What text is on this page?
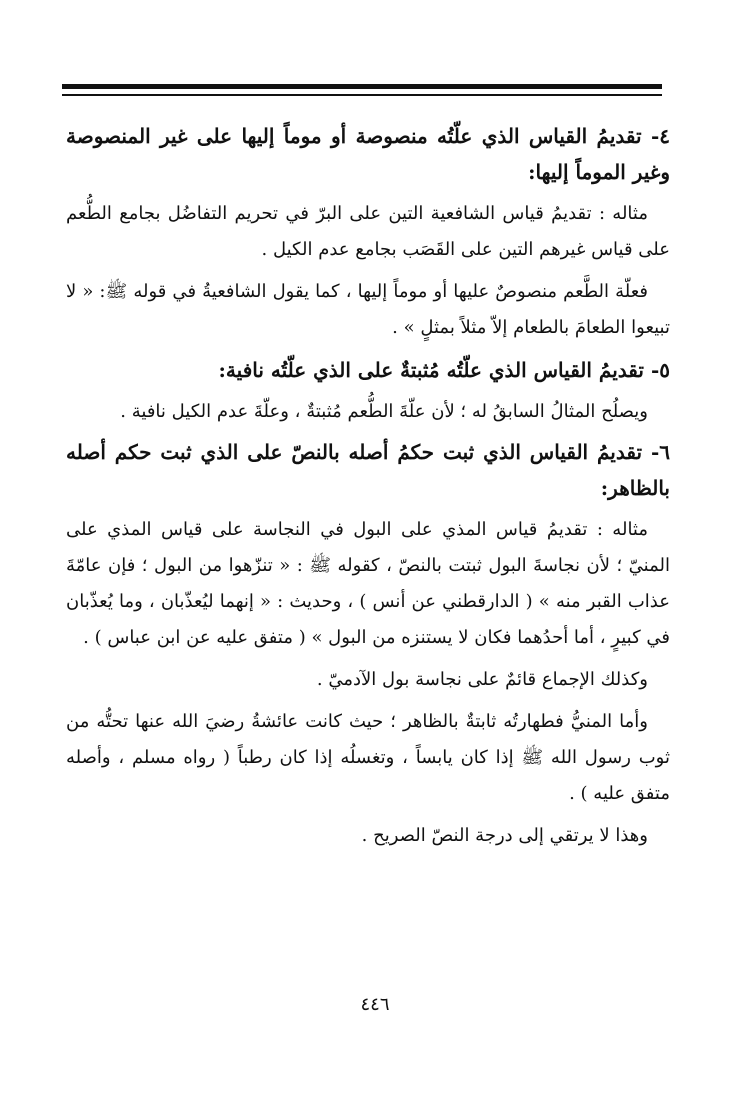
٤- تقديمُ القياس الذي علّتُه منصوصة أو موماً إليها على غير المنصوصة وغير الموماً إليها:

مثاله : تقديمُ قياس الشافعية التين على البرّ في تحريم التفاضُل بجامع الطُّعم على قياس غيرهم التين على القَصَب بجامع عدم الكيل .

فعلّة الطَّعم منصوصٌ عليها أو موماً إليها ، كما يقول الشافعيةُ في قوله ﷺ: « لا تبيعوا الطعامَ بالطعام إلاّ مثلاً بمثلٍ » .

٥- تقديمُ القياس الذي علّتُه مُثبتةٌ على الذي علّتُه نافية:

ويصلُح المثالُ السابقُ له ؛ لأن علّةَ الطُّعم مُثبتةٌ ، وعلّةَ عدم الكيل نافية .

٦- تقديمُ القياس الذي ثبت حكمُ أصله بالنصّ على الذي ثبت حكم أصله بالظاهر:

مثاله : تقديمُ قياس المذي على البول في النجاسة على قياس المذي على المنيّ ؛ لأن نجاسةَ البول ثبتت بالنصّ ، كقوله ﷺ : « تنزّهوا من البول ؛ فإن عامّةَ عذاب القبر منه » ( الدارقطني عن أنس ) ، وحديث : « إنهما ليُعذّبان ، وما يُعذّبان في كبيرٍ ، أما أحدُهما فكان لا يستنزه من البول » ( متفق عليه عن ابن عباس ) .

وكذلك الإجماع قائمٌ على نجاسة بول الآدميّ .

وأما المنيُّ فطهارتُه ثابتةٌ بالظاهر ؛ حيث كانت عائشةُ رضيَ الله عنها تحتُّه من ثوب رسول الله ﷺ إذا كان يابساً ، وتغسلُه إذا كان رطباً ( رواه مسلم ، وأصله متفق عليه ) .

وهذا لا يرتقي إلى درجة النصّ الصريح .

٤٤٦
